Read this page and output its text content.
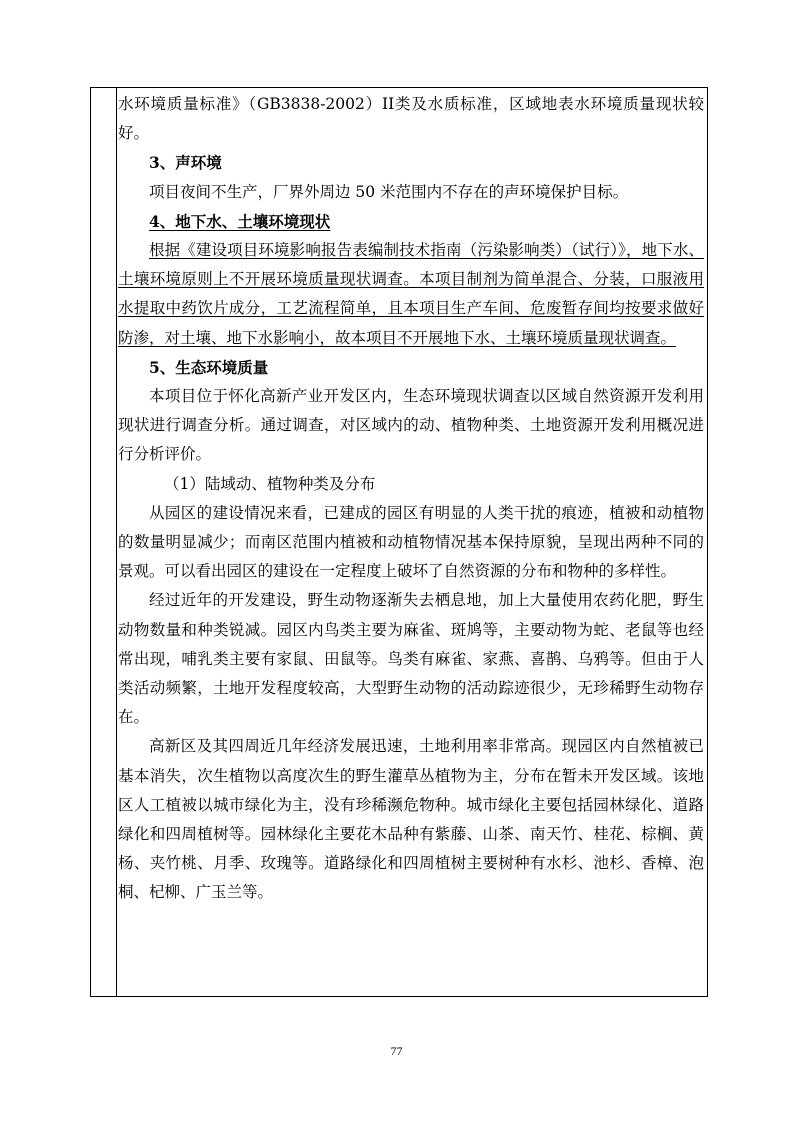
水环境质量标准》（GB3838-2002）II类及水质标准，区域地表水环境质量现状较好。

3、声环境

项目夜间不生产，厂界外周边 50 米范围内不存在的声环境保护目标。

4、地下水、土壤环境现状

根据《建设项目环境影响报告表编制技术指南（污染影响类）（试行）》，地下水、土壤环境原则上不开展环境质量现状调查。本项目制剂为简单混合、分装，口服液用水提取中药饮片成分，工艺流程简单，且本项目生产车间、危废暂存间均按要求做好防渗，对土壤、地下水影响小，故本项目不开展地下水、土壤环境质量现状调查。

5、生态环境质量

本项目位于怀化高新产业开发区内，生态环境现状调查以区域自然资源开发利用现状进行调查分析。通过调查，对区域内的动、植物种类、土地资源开发利用概况进行分析评价。

（1）陆域动、植物种类及分布

从园区的建设情况来看，已建成的园区有明显的人类干扰的痕迹，植被和动植物的数量明显减少；而南区范围内植被和动植物情况基本保持原貌，呈现出两种不同的景观。可以看出园区的建设在一定程度上破坏了自然资源的分布和物种的多样性。

经过近年的开发建设，野生动物逐渐失去栖息地，加上大量使用农药化肥，野生动物数量和种类锐减。园区内鸟类主要为麻雀、斑鸠等，主要动物为蛇、老鼠等也经常出现，哺乳类主要有家鼠、田鼠等。鸟类有麻雀、家燕、喜鹊、乌鸦等。但由于人类活动频繁，土地开发程度较高，大型野生动物的活动踪迹很少，无珍稀野生动物存在。

高新区及其四周近几年经济发展迅速，土地利用率非常高。现园区内自然植被已基本消失，次生植物以高度次生的野生灌草丛植物为主，分布在暂未开发区域。该地区人工植被以城市绿化为主，没有珍稀濒危物种。城市绿化主要包括园林绿化、道路绿化和四周植树等。园林绿化主要花木品种有紫藤、山茶、南天竹、桂花、棕榈、黄杨、夹竹桃、月季、玫瑰等。道路绿化和四周植树主要树种有水杉、池杉、香樟、泡桐、杞柳、广玉兰等。

77
